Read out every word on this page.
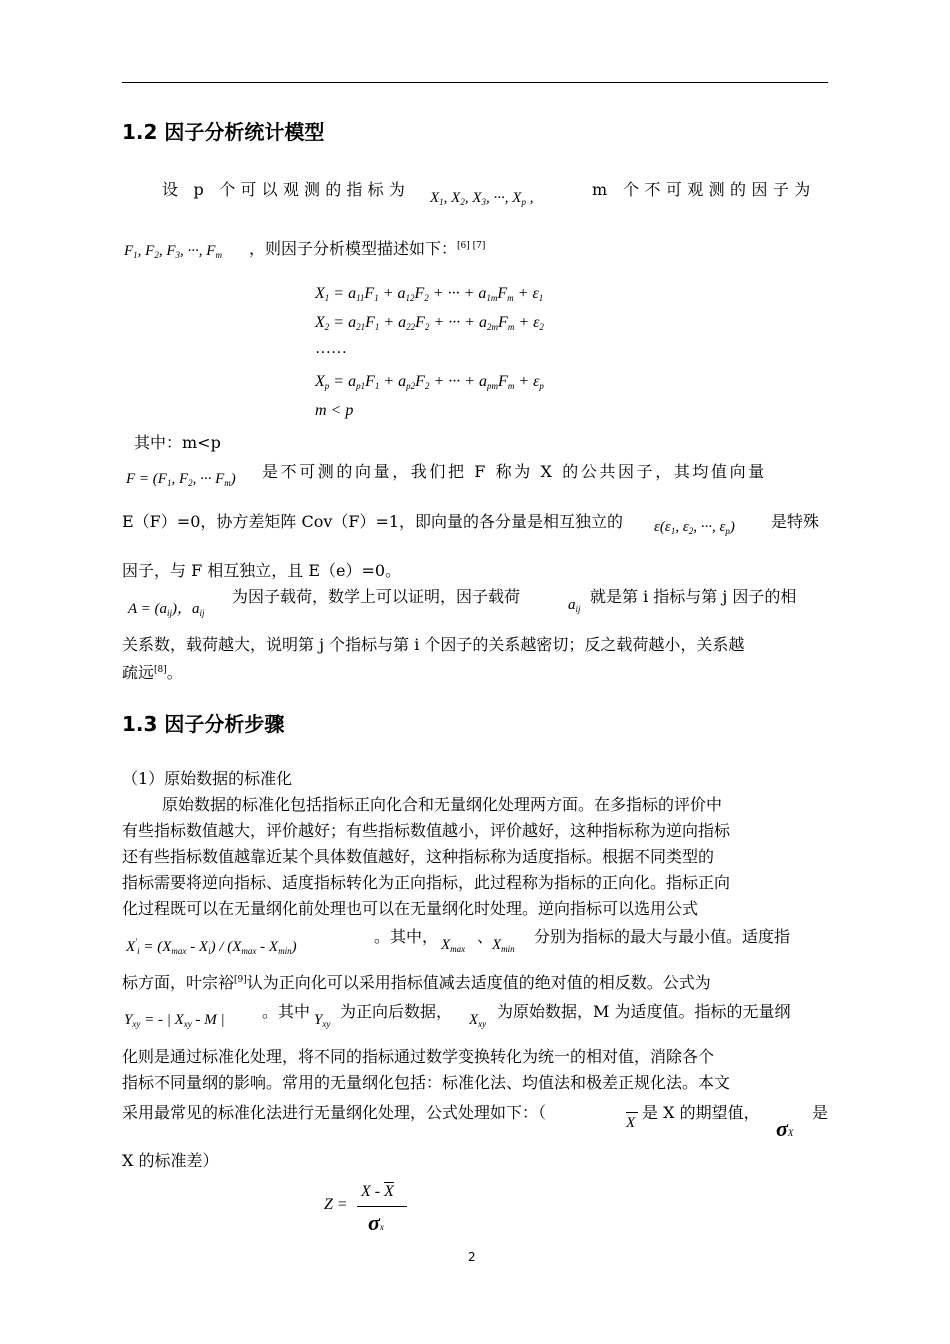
1.2 因子分析统计模型
设 p 个可以观测的指标为 $X_1$, $X_2$, $X_3$, ···, $X_p$ ,	m 个不可观测的因子为
$F_1$, $F_2$, $F_3$, ···, $F_m$ ，则因子分析模型描述如下：[6] [7]
$X_1 = a_{11}F_1 + a_{12}F_2$ + ··· + $a_{1m}F_m + \varepsilon_1$
$X_2 = a_{21}F_1 + a_{22}F_2$ + ··· + $a_{2m}F_m + \varepsilon_2$
……
$X_p = a_{p1}F_1 + a_{p2}F_2$ + ··· + $a_{pm}F_m + \varepsilon_p$
m < p
其中：m<p
$F = (F_1$, $F_2$, ··· $F_m$) 是不可测的向量，我们把 F 称为 X 的公共因子，其均值向量
E（F）=0，协方差矩阵 Cov（F）=1，即向量的各分量是相互独立的 $\varepsilon(\varepsilon_1$, $\varepsilon_2$, ···, $\varepsilon_p$) 是特殊
因子，与 F 相互独立，且 E（e）=0。
$A = (a_{ij})$，$a_{ij}$
为因子载荷，数学上可以证明，因子载荷	$a_{ij}$
就是第 i 指标与第 j 因子的相
关系数，载荷越大，说明第 j 个指标与第 i 个因子的关系越密切；反之载荷越小，关系越
疏远[8]。
1.3 因子分析步骤
（1）原始数据的标准化
原始数据的标准化包括指标正向化合和无量纲化处理两方面。在多指标的评价中
有些指标数值越大，评价越好；有些指标数值越小，评价越好，这种指标称为逆向指标
还有些指标数值越靠近某个具体数值越好，这种指标称为适度指标。根据不同类型的
指标需要将逆向指标、适度指标转化为正向指标，此过程称为指标的正向化。指标正向
化过程既可以在无量纲化前处理也可以在无量纲化时处理。逆向指标可以选用公式
$X'_i = (X_{max} - X_i) / (X_{max} - X_{min})$
。其中， $X_{max}$
、
$X_{min}$
分别为指标的最大与最小值。适度指
标方面，叶宗裕[9]认为正向化可以采用指标值减去适度值的绝对值的相反数。公式为
$Y_{xy}$ = - | $X_{xy}$ - M | 。其中 $Y_{xy}$
为正向后数据， $X_{xy}$
为原始数据，M 为适度值。指标的无量纲
化则是通过标准化处理，将不同的指标通过数学变换转化为统一的相对值，消除各个
指标不同量纲的影响。常用的无量纲化包括：标准化法、均值法和极差正规化法。本文
采用最常见的标准化法进行无量纲化处理，公式处理如下：（
X
是 X 的期望值，
σX
是
X 的标准差）
Z =
X - $\overline{X}$
σx
2
